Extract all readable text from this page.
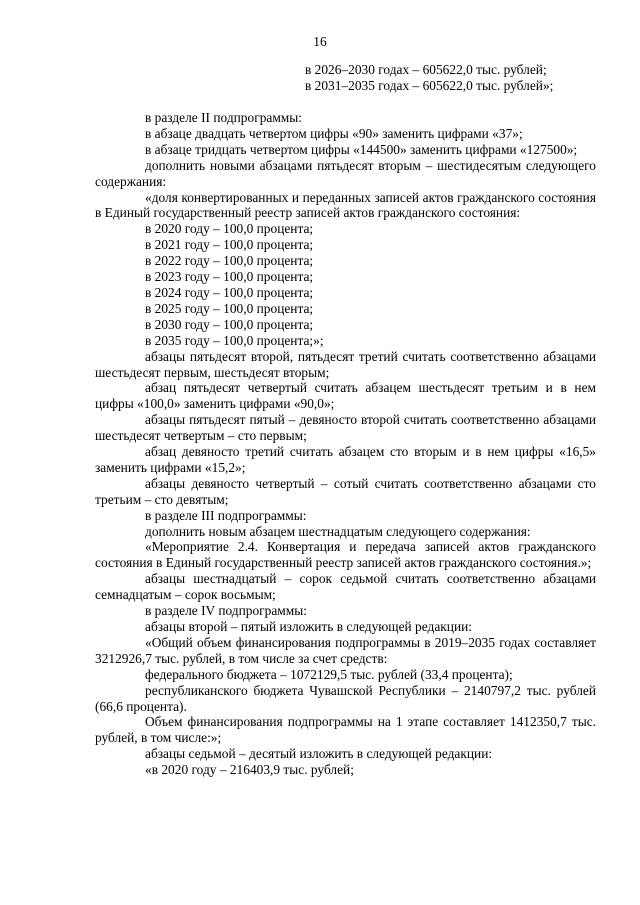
16

в 2026–2030 годах – 605622,0 тыс. рублей;

в 2031–2035 годах – 605622,0 тыс. рублей»;

в разделе II подпрограммы:

в абзаце двадцать четвертом цифры «90» заменить цифрами «37»;

в абзаце тридцать четвертом цифры «144500» заменить цифрами «127500»;

дополнить новыми абзацами пятьдесят вторым – шестидесятым следующего содержания:

«доля конвертированных и переданных записей актов гражданского состояния в Единый государственный реестр записей актов гражданского состояния:

в 2020 году – 100,0 процента;

в 2021 году – 100,0 процента;

в 2022 году – 100,0 процента;

в 2023 году – 100,0 процента;

в 2024 году – 100,0 процента;

в 2025 году – 100,0 процента;

в 2030 году – 100,0 процента;

в 2035 году – 100,0 процента;»;

абзацы пятьдесят второй, пятьдесят третий считать соответственно абзацами шестьдесят первым, шестьдесят вторым;

абзац пятьдесят четвертый считать абзацем шестьдесят третьим и в нем цифры «100,0» заменить цифрами «90,0»;

абзацы пятьдесят пятый – девяносто второй считать соответственно абзацами шестьдесят четвертым – сто первым;

абзац девяносто третий считать абзацем сто вторым и в нем цифры «16,5» заменить цифрами «15,2»;

абзацы девяносто четвертый – сотый считать соответственно абзацами сто третьим – сто девятым;

в разделе III подпрограммы:

дополнить новым абзацем шестнадцатым следующего содержания:

«Мероприятие 2.4. Конвертация и передача записей актов гражданского состояния в Единый государственный реестр записей актов гражданского состояния.»;

абзацы шестнадцатый – сорок седьмой считать соответственно абзацами семнадцатым – сорок восьмым;

в разделе IV подпрограммы:

абзацы второй – пятый изложить в следующей редакции:

«Общий объем финансирования подпрограммы в 2019–2035 годах составляет 3212926,7 тыс. рублей, в том числе за счет средств:

федерального бюджета – 1072129,5 тыс. рублей (33,4 процента);

республиканского бюджета Чувашской Республики – 2140797,2 тыс. рублей (66,6 процента).

Объем финансирования подпрограммы на 1 этапе составляет 1412350,7 тыс. рублей, в том числе:»;

абзацы седьмой – десятый изложить в следующей редакции:

«в 2020 году – 216403,9 тыс. рублей;
